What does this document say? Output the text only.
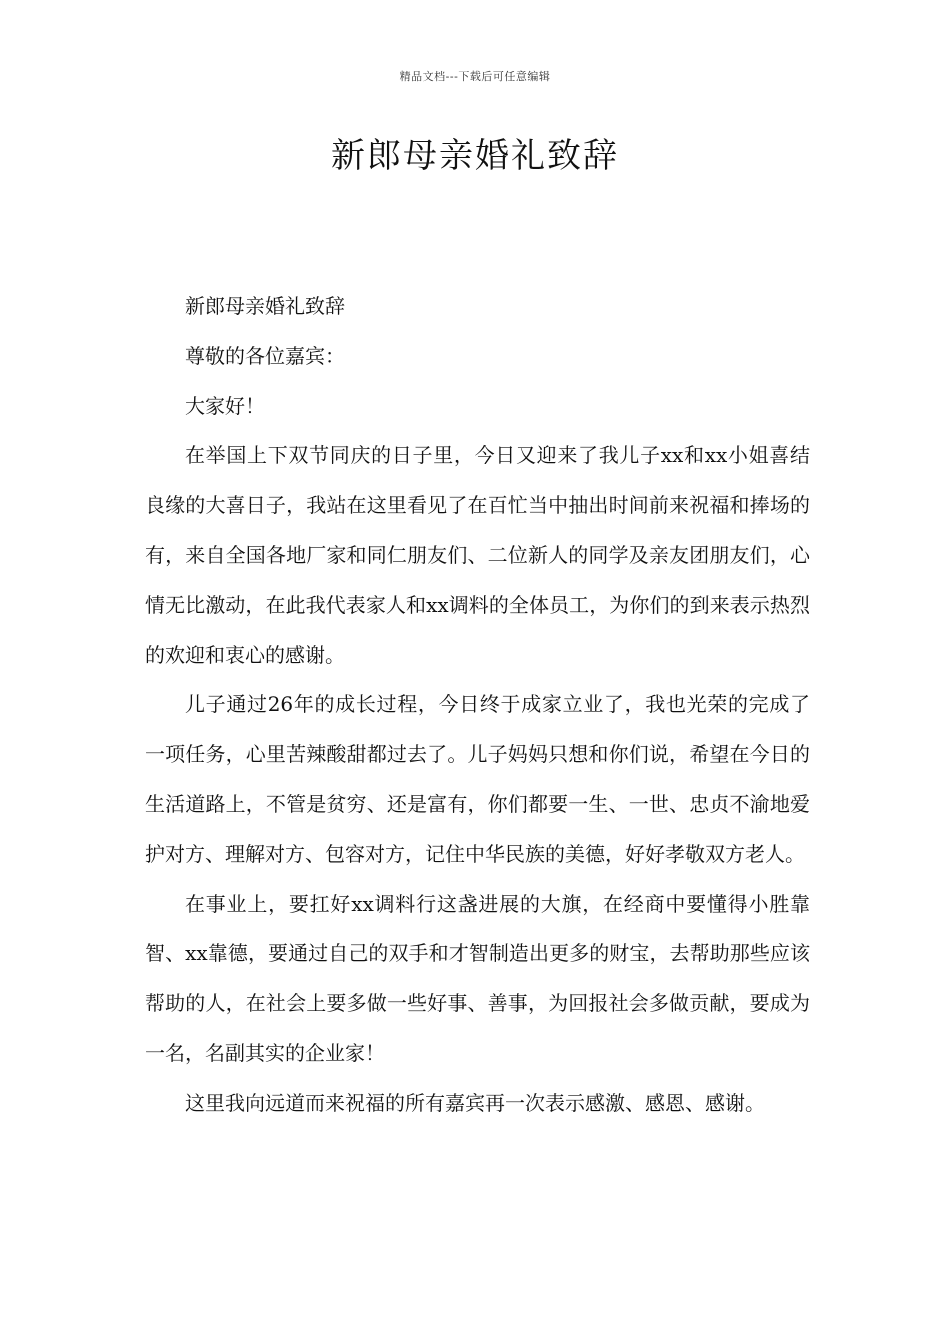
精品文档---下载后可任意编辑
新郎母亲婚礼致辞

新郎母亲婚礼致辞

尊敬的各位嘉宾：

大家好！

在举国上下双节同庆的日子里，今日又迎来了我儿子xx和xx小姐喜结良缘的大喜日子，我站在这里看见了在百忙当中抽出时间前来祝福和捧场的有，来自全国各地厂家和同仁朋友们、二位新人的同学及亲友团朋友们，心情无比激动，在此我代表家人和xx调料的全体员工，为你们的到来表示热烈的欢迎和衷心的感谢。

儿子通过26年的成长过程，今日终于成家立业了，我也光荣的完成了一项任务，心里苦辣酸甜都过去了。儿子妈妈只想和你们说，希望在今日的生活道路上，不管是贫穷、还是富有，你们都要一生、一世、忠贞不渝地爱护对方、理解对方、包容对方，记住中华民族的美德，好好孝敬双方老人。

在事业上，要扛好xx调料行这盏进展的大旗，在经商中要懂得小胜靠智、xx靠德，要通过自己的双手和才智制造出更多的财宝，去帮助那些应该帮助的人，在社会上要多做一些好事、善事，为回报社会多做贡献，要成为一名，名副其实的企业家！

这里我向远道而来祝福的所有嘉宾再一次表示感激、感恩、感谢。
